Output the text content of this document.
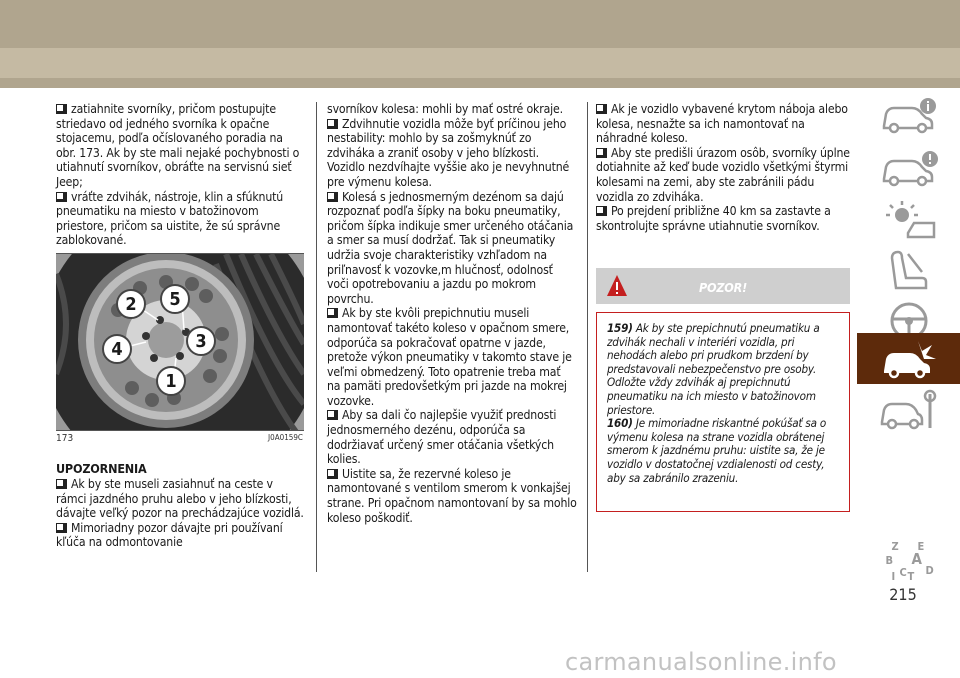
zatiahnite svorníky, pričom postupujte striedavo od jedného svorníka k opačne stojacemu, podľa očíslovaného poradia na obr. 173. Ak by ste mali nejaké pochybnosti o utiahnutí svorníkov, obráťte na servisnú sieť Jeep;

vráťte zdvihák, nástroje, klin a sfúknutú pneumatiku na miesto v batožinovom priestore, pričom sa uistite, že sú správne zablokované.

2	5
3
4
1
173	J0A0159C
UPOZORNENIA

Ak by ste museli zasiahnuť na ceste v rámci jazdného pruhu alebo v jeho blízkosti, dávajte veľký pozor na prechádzajúce vozidlá.

Mimoriadny pozor dávajte pri používaní kľúča na odmontovanie

svorníkov kolesa: mohli by mať ostré okraje.

Zdvihnutie vozidla môže byť príčinou jeho nestability: mohlo by sa zošmyknúť zo zdviháka a zraniť osoby v jeho blízkosti. Vozidlo nezdvíhajte vyššie ako je nevyhnutné pre výmenu kolesa.

Kolesá s jednosmerným dezénom sa dajú rozpoznať podľa šípky na boku pneumatiky, pričom šípka indikuje smer určeného otáčania a smer sa musí dodržať. Tak si pneumatiky udržia svoje charakteristiky vzhľadom na priľnavosť k vozovke,m hlučnosť, odolnosť voči opotrebovaniu a jazdu po mokrom povrchu.

Ak by ste kvôli prepichnutiu museli namontovať takéto koleso v opačnom smere, odporúča sa pokračovať opatrne v jazde, pretože výkon pneumatiky v takomto stave je veľmi obmedzený. Toto opatrenie treba mať na pamäti predovšetkým pri jazde na mokrej vozovke.

Aby sa dali čo najlepšie využiť prednosti jednosmerného dezénu, odporúča sa dodržiavať určený smer otáčania všetkých kolies.

Uistite sa, že rezervné koleso je namontované s ventilom smerom k vonkajšej strane. Pri opačnom namontovaní by sa mohlo koleso poškodiť.

Ak je vozidlo vybavené krytom nábojа alebo kolesa, nesnažte sa ich namontovať na náhradné koleso.

Aby ste predišli úrazom osôb, svorníky úplne dotiahnite až keď bude vozidlo všetkými štyrmi kolesami na zemi, aby ste zabránili pádu vozidla zo zdviháka.

Po prejdení približne 40 km sa zastavte a skontrolujte správne utiahnutie svorníkov.

POZOR!

159) Ak by ste prepichnutú pneumatiku a zdvihák nechali v interiéri vozidla, pri nehodách alebo pri prudkom brzdení by predstavovali nebezpečenstvo pre osoby. Odložte vždy zdvihák aj prepichnutú pneumatiku na ich miesto v batožinovom priestore.

160) Je mimoriadne riskantné pokúšať sa o výmenu kolesa na strane vozidla obrátenej smerom k jazdnému pruhu: uistite sa, že je vozidlo v dostatočnej vzdialenosti od cesty, aby sa zabránilo zrazeniu.

Z E
B A
C D
I T
215
carmanualsonline.info
